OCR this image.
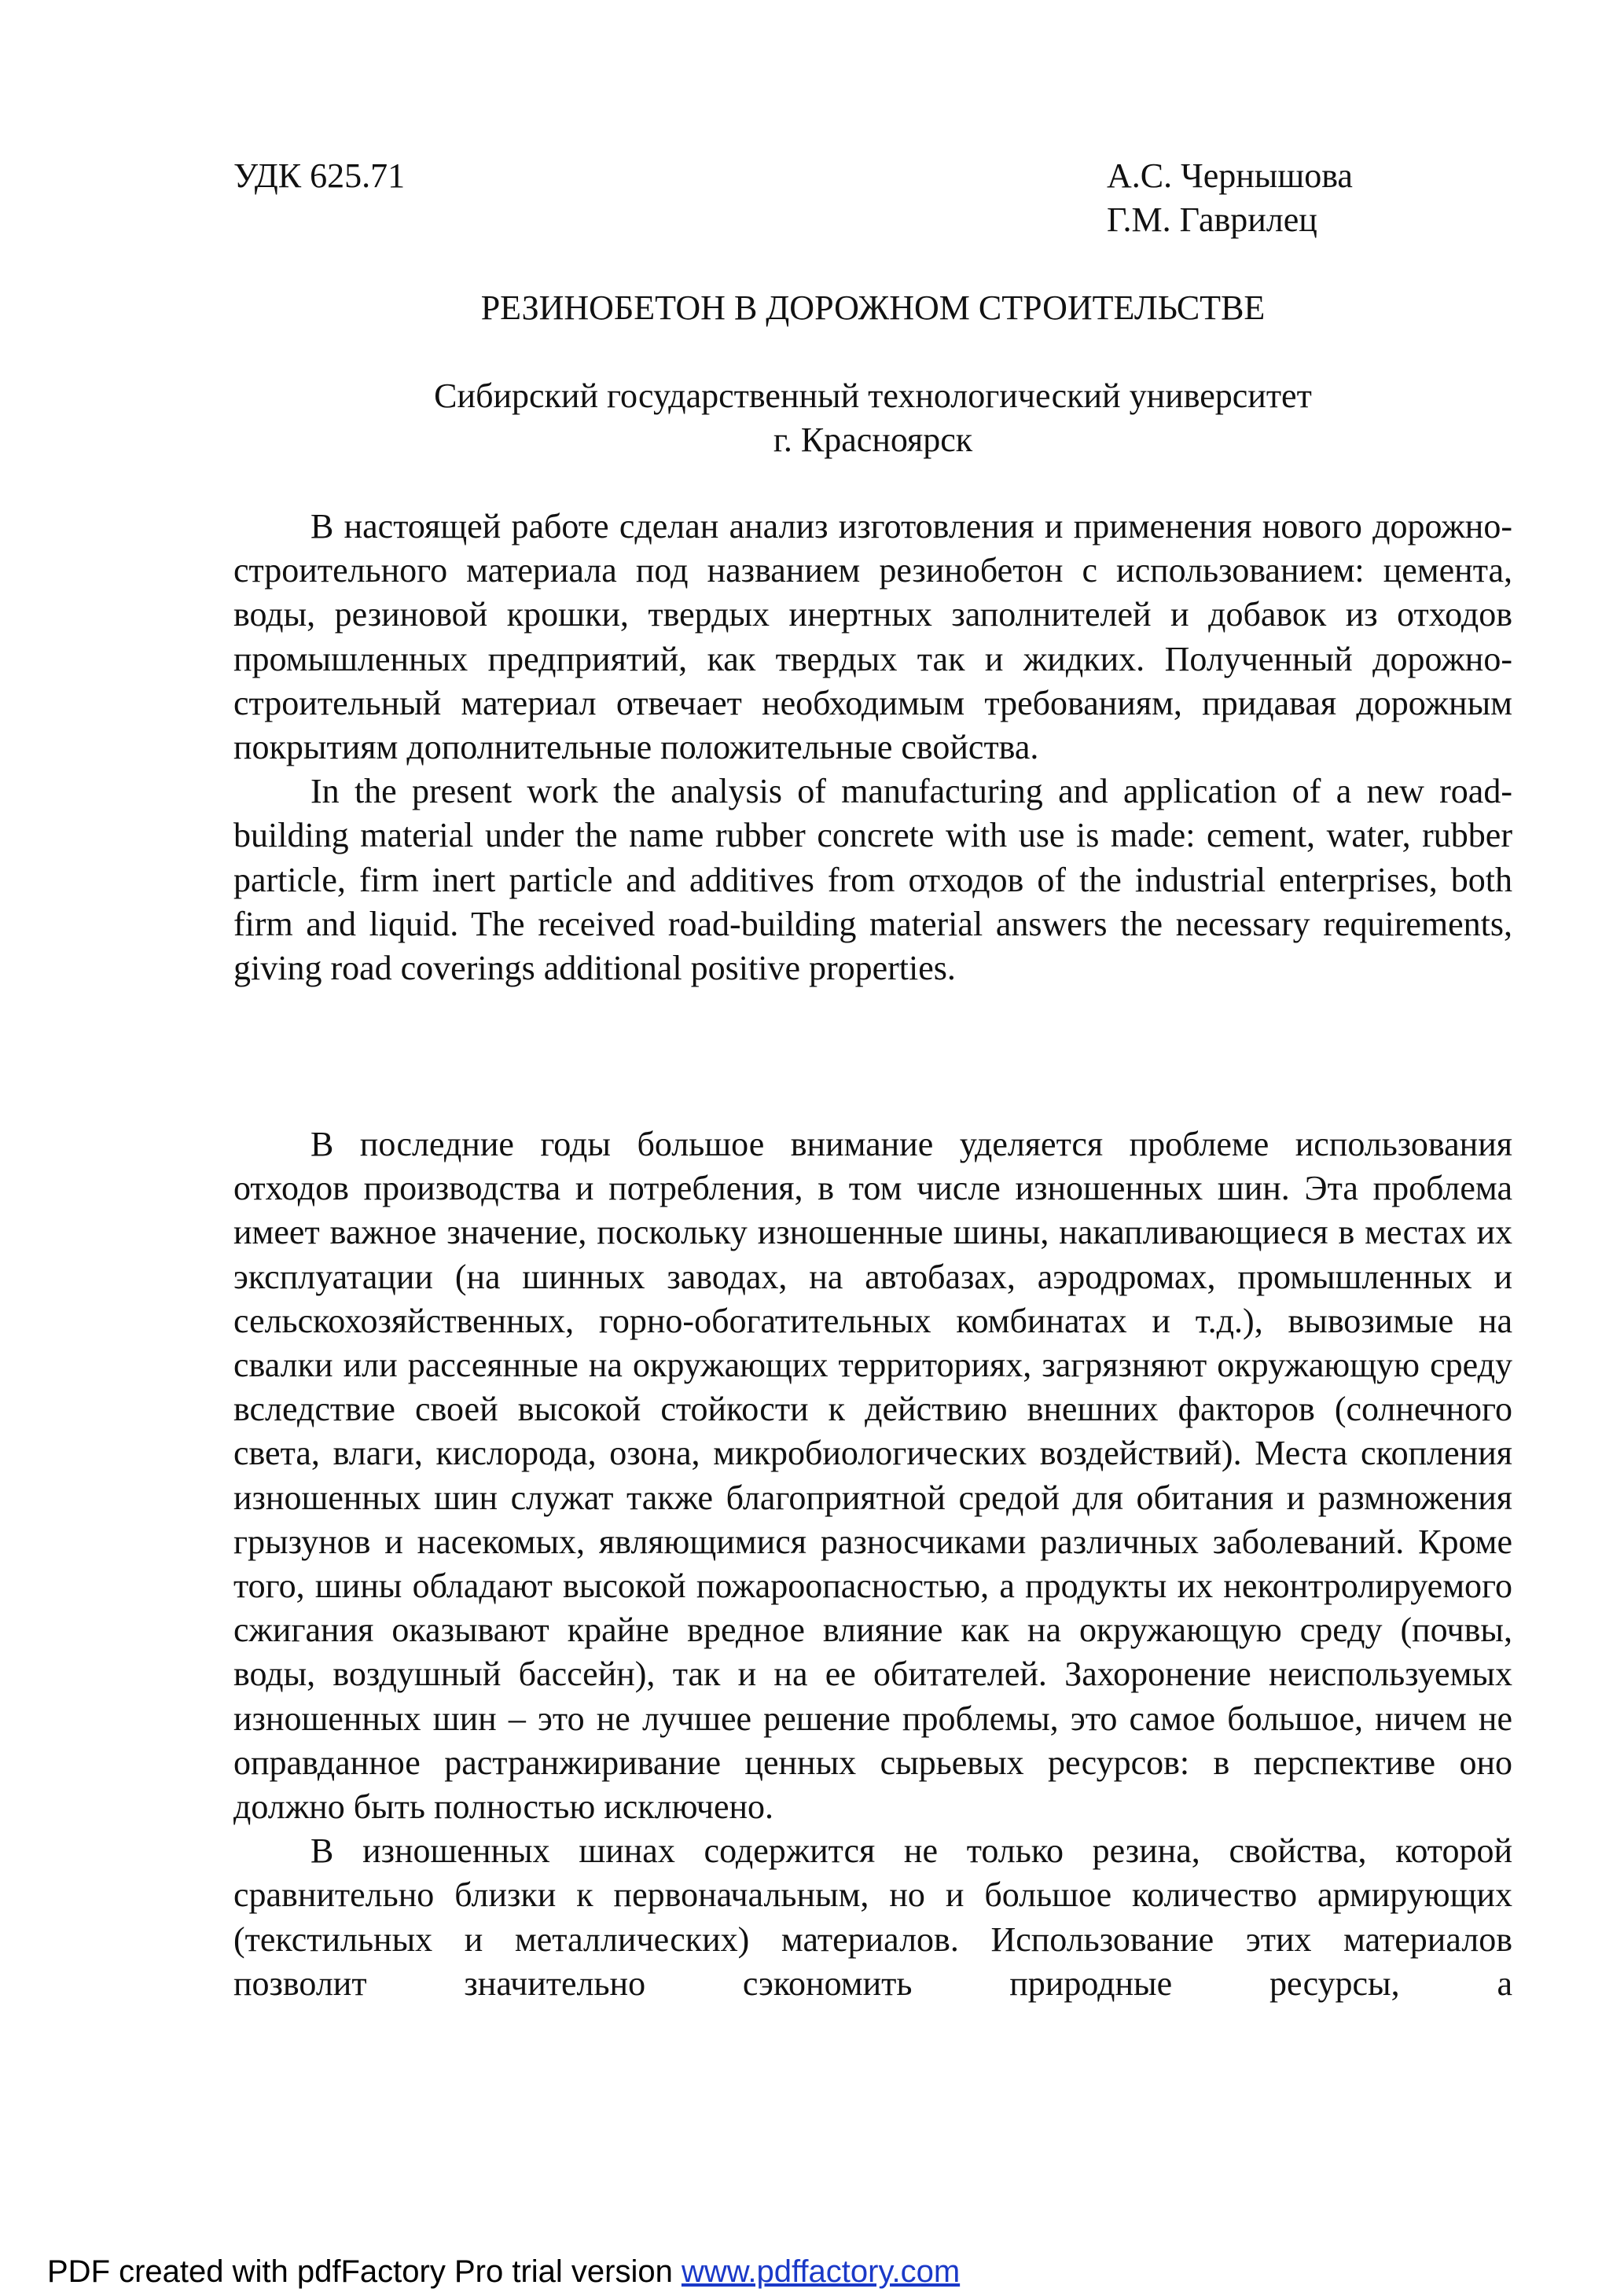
УДК 625.71	А.С. Чернышова
Г.М. Гаврилец
РЕЗИНОБЕТОН В ДОРОЖНОМ СТРОИТЕЛЬСТВЕ
Сибирский государственный технологический университет
г. Красноярск

В настоящей работе сделан анализ изготовления и применения нового дорожно-строительного материала под названием резинобетон с использованием: цемента, воды, резиновой крошки, твердых инертных заполнителей и добавок из отходов промышленных предприятий, как твердых так и жидких. Полученный дорожно-строительный материал отвечает необходимым требованиям, придавая дорожным покрытиям дополнительные положительные свойства.

In the present work the analysis of manufacturing and application of a new road-building material under the name rubber concrete with use is made: cement, water, rubber particle, firm inert particle and additives from отходов of the industrial enterprises, both firm and liquid. The received road-building material answers the necessary requirements, giving road coverings additional positive properties.

В последние годы большое внимание уделяется проблеме использования отходов производства и потребления, в том числе изношенных шин. Эта проблема имеет важное значение, поскольку изношенные шины, накапливающиеся в местах их эксплуатации (на шинных заводах, на автобазах, аэродромах, промышленных и сельскохозяйственных, горно-обогатительных комбинатах и т.д.), вывозимые на свалки или рассеянные на окружающих территориях, загрязняют окружающую среду вследствие своей высокой стойкости к действию внешних факторов (солнечного света, влаги, кислорода, озона, микробиологических воздействий). Места скопления изношенных шин служат также благоприятной средой для обитания и размножения грызунов и насекомых, являющимися разносчиками различных заболеваний. Кроме того, шины обладают высокой пожароопасностью, а продукты их неконтролируемого сжигания оказывают крайне вредное влияние как на окружающую среду (почвы, воды, воздушный бассейн), так и на ее обитателей. Захоронение неиспользуемых изношенных шин – это не лучшее решение проблемы, это самое большое, ничем не оправданное растранжиривание ценных сырьевых ресурсов: в перспективе оно должно быть полностью исключено.

В изношенных шинах содержится не только резина, свойства, которой сравнительно близки к первоначальным, но и большое количество армирующих (текстильных и металлических) материалов. Использование этих материалов позволит значительно сэкономить природные ресурсы, а

PDF created with pdfFactory Pro trial version www.pdffactory.com
